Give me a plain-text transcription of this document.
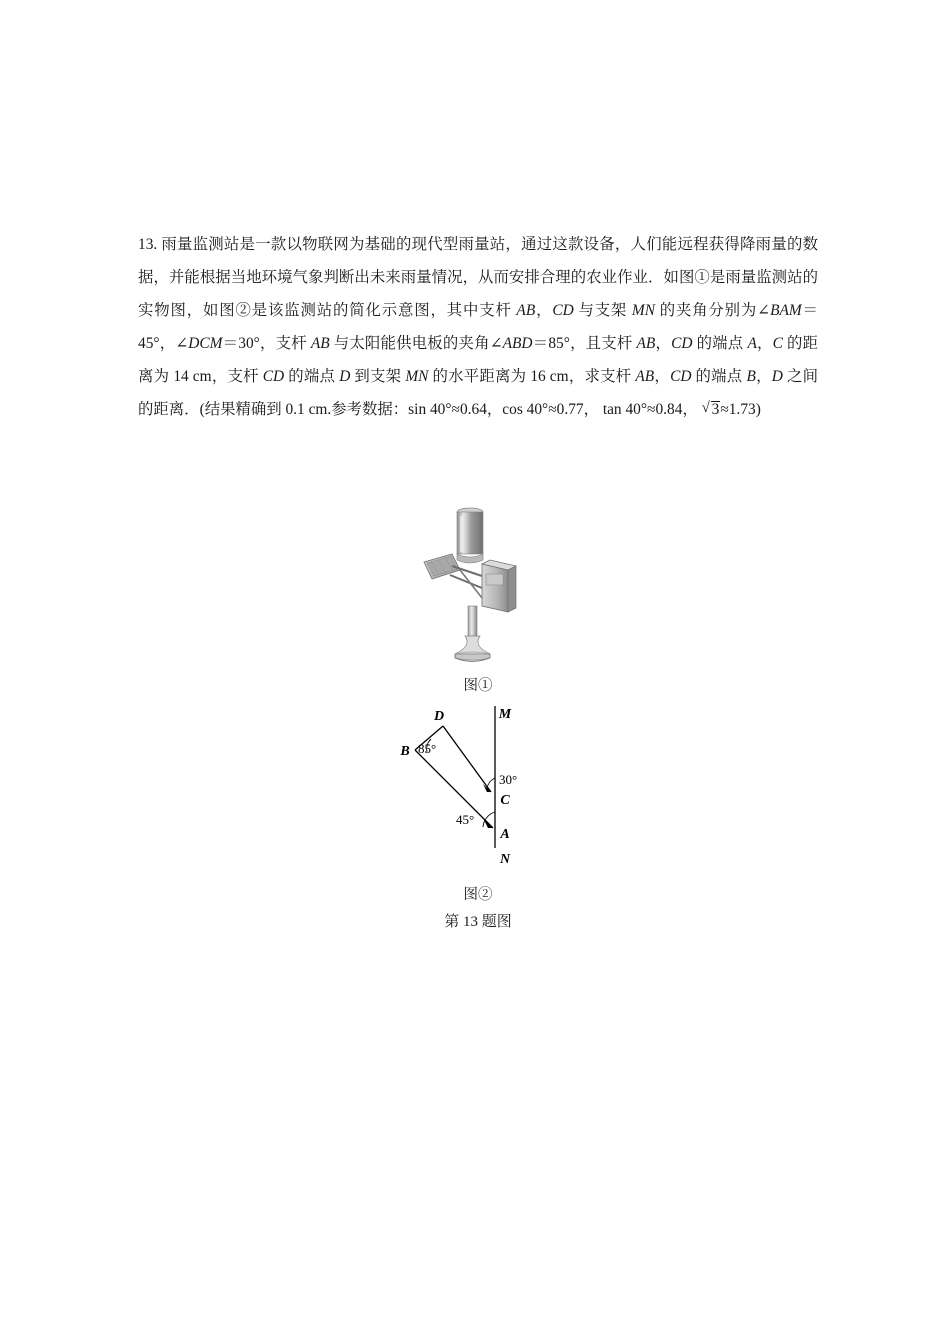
13. 雨量监测站是一款以物联网为基础的现代型雨量站，通过这款设备，人们能远程获得降雨量的数据，并能根据当地环境气象判断出未来雨量情况，从而安排合理的农业作业．如图①是雨量监测站的实物图，如图②是该监测站的简化示意图，其中支杆 AB，CD 与支架 MN 的夹角分别为∠BAM＝45°，∠DCM＝30°，支杆 AB 与太阳能供电板的夹角∠ABD＝85°，且支杆 AB，CD 的端点 A，C 的距离为 14 cm，支杆 CD 的端点 D 到支架 MN 的水平距离为 16 cm，求支杆 AB，CD 的端点 B，D 之间的距离．(结果精确到 0.1 cm.参考数据：sin 40°≈0.64，cos 40°≈0.77， tan 40°≈0.84， √ 3≈1.73)
图①
D	M
B
C
A
N
85°
30°
45°
图②
第 13 题图
